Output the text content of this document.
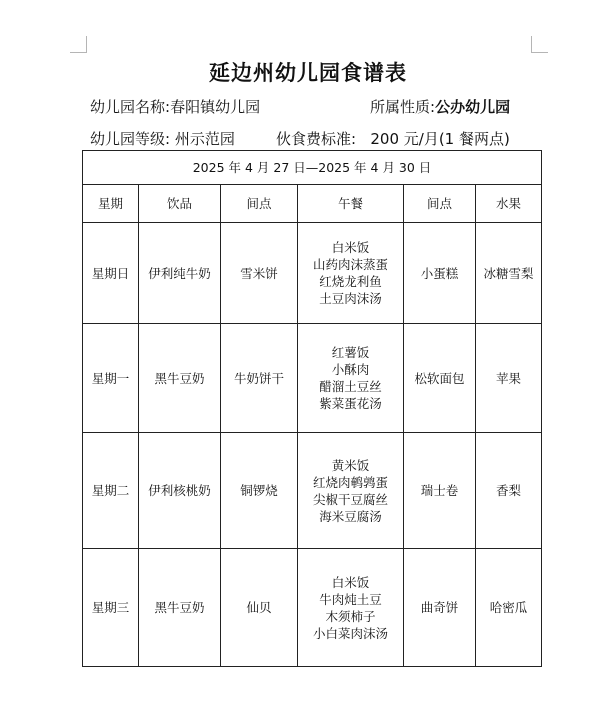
延边州幼儿园食谱表
幼儿园名称:春阳镇幼儿园	所属性质:公办幼儿园
幼儿园等级: 州示范园	伙食费标准: 200 元/月(1 餐两点)
2025 年 4 月 27 日—2025 年 4 月 30 日					
星期	饮品	间点	午餐	间点	水果
星期日	伊利纯牛奶	雪米饼	白米饭
山药肉沫蒸蛋
红烧龙利鱼
土豆肉沫汤	小蛋糕	冰糖雪梨
星期一	黑牛豆奶	牛奶饼干	红薯饭
小酥肉
醋溜土豆丝
紫菜蛋花汤	松软面包	苹果
星期二	伊利核桃奶	铜锣烧	黄米饭
红烧肉鹌鹑蛋
尖椒干豆腐丝
海米豆腐汤	瑞士卷	香梨
星期三	黑牛豆奶	仙贝	白米饭
牛肉炖土豆
木须柿子
小白菜肉沫汤	曲奇饼	哈密瓜
